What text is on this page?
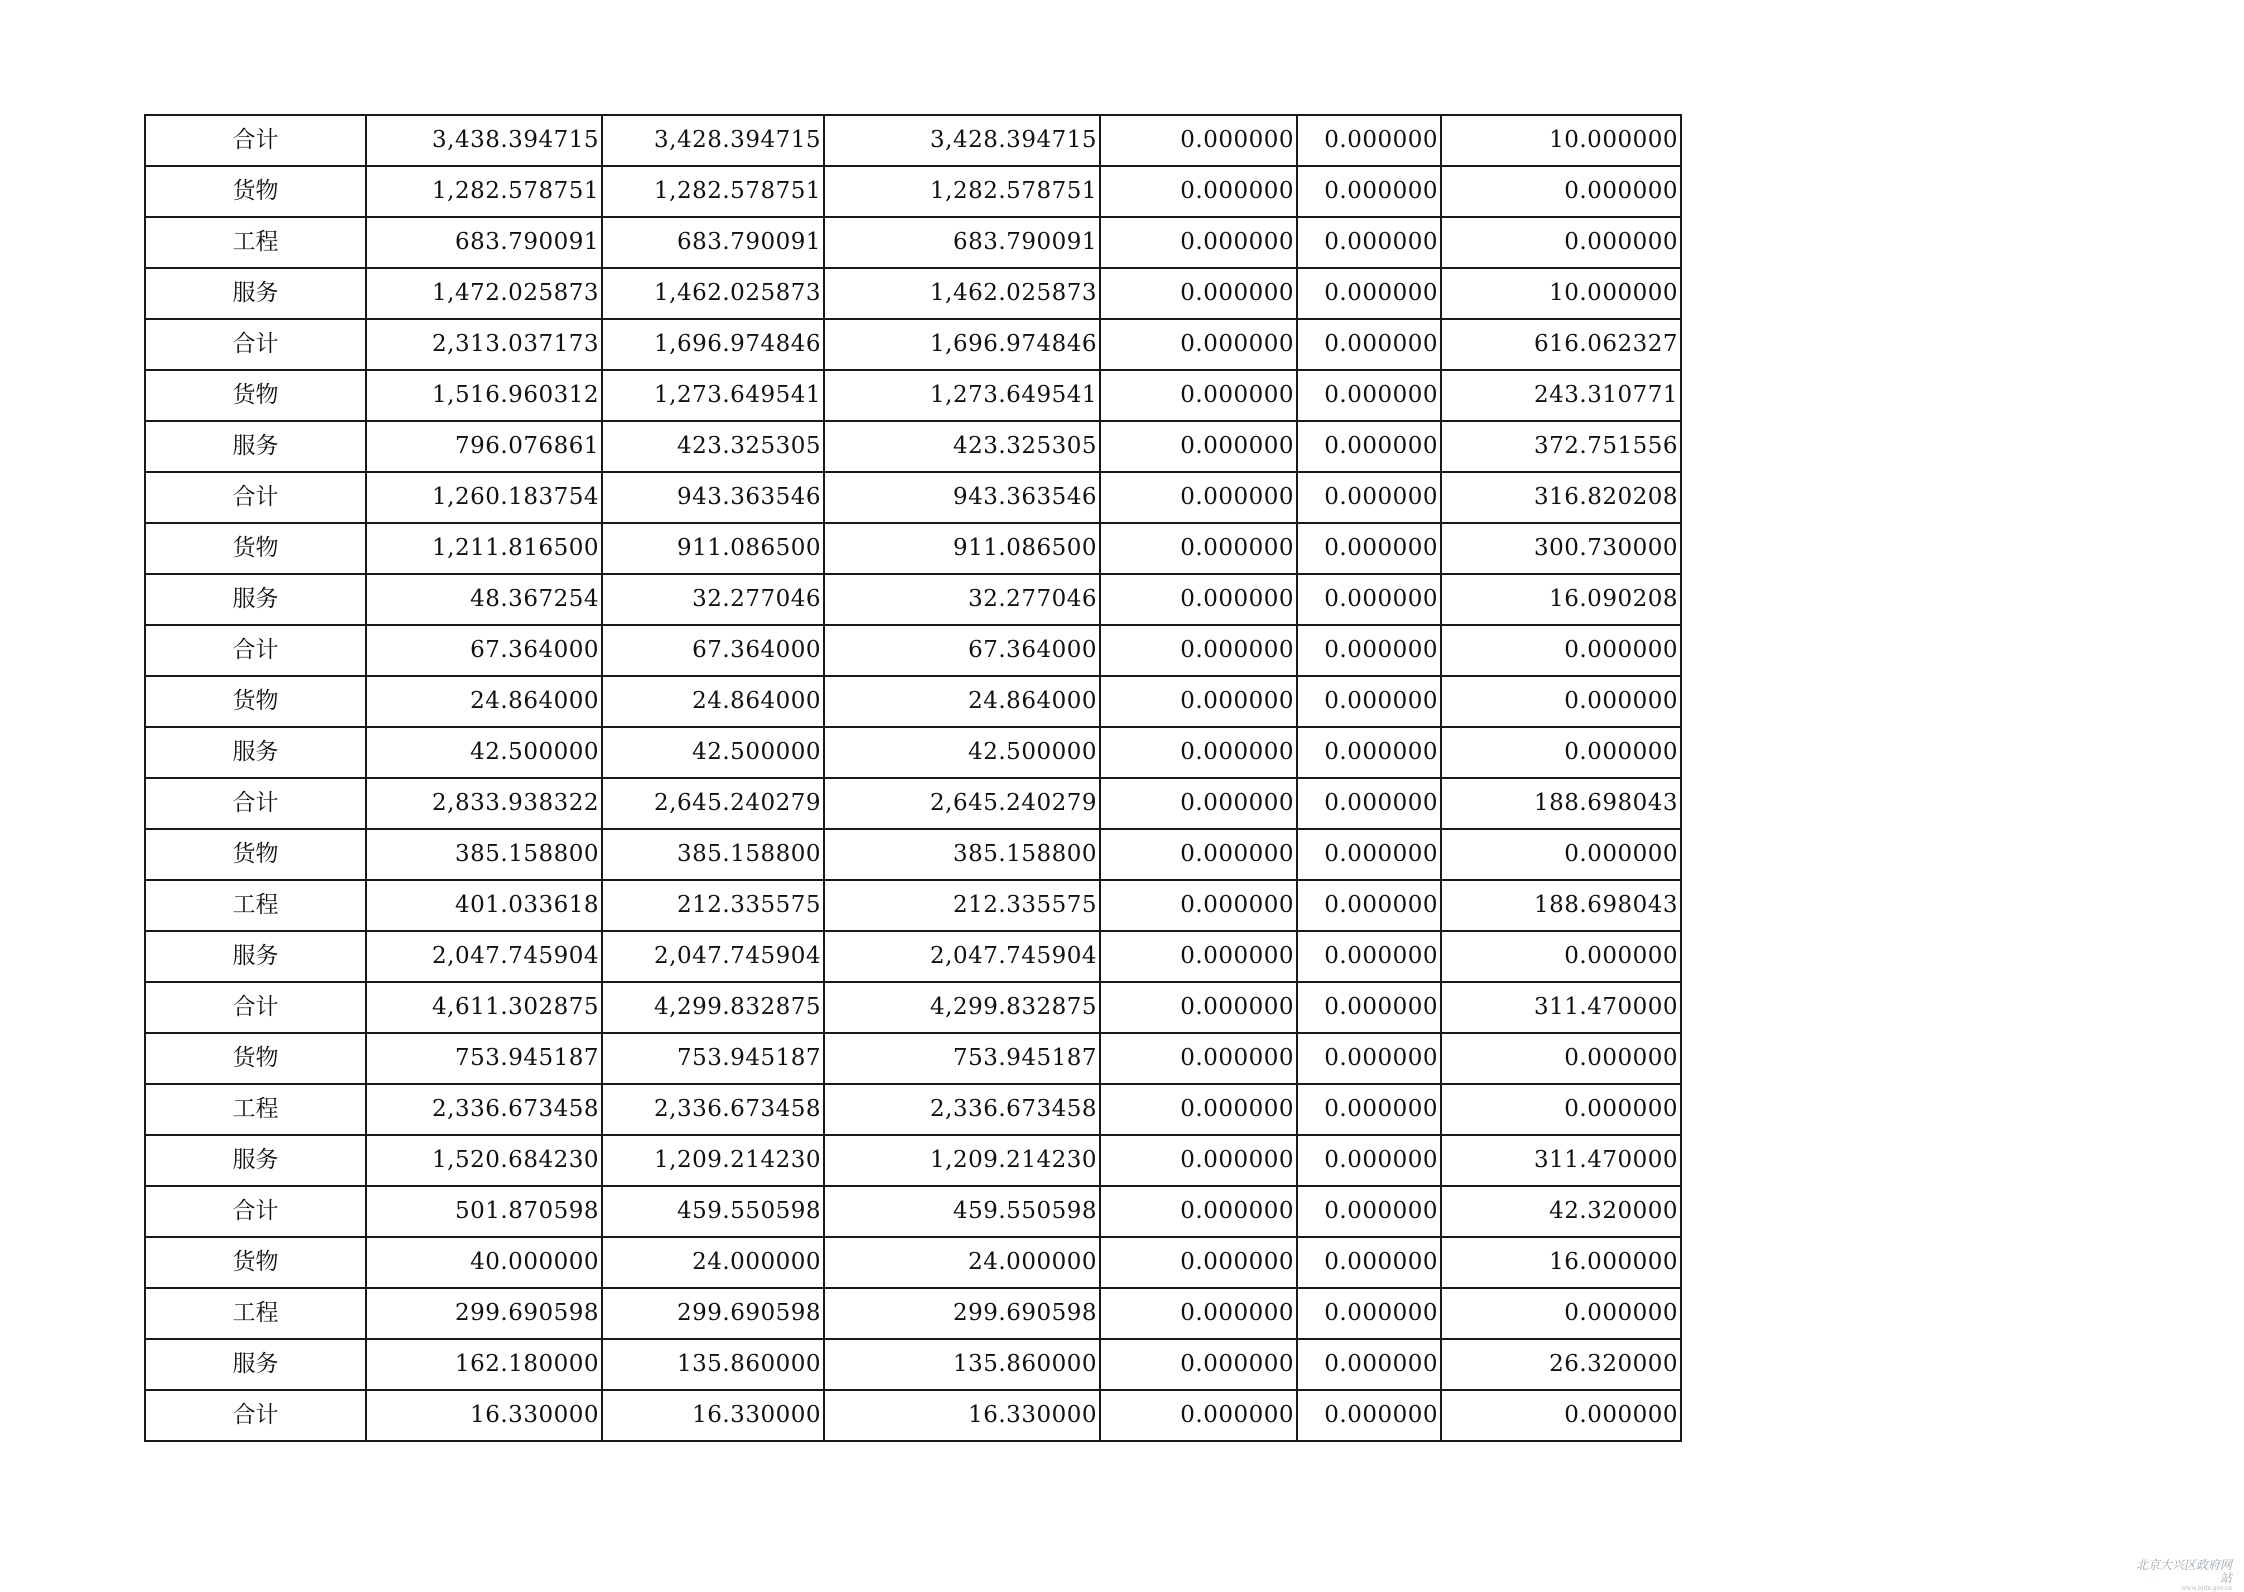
合计	3,438.394715	3,428.394715	3,428.394715	0.000000	0.000000	10.000000
货物	1,282.578751	1,282.578751	1,282.578751	0.000000	0.000000	0.000000
工程	683.790091	683.790091	683.790091	0.000000	0.000000	0.000000
服务	1,472.025873	1,462.025873	1,462.025873	0.000000	0.000000	10.000000
合计	2,313.037173	1,696.974846	1,696.974846	0.000000	0.000000	616.062327
货物	1,516.960312	1,273.649541	1,273.649541	0.000000	0.000000	243.310771
服务	796.076861	423.325305	423.325305	0.000000	0.000000	372.751556
合计	1,260.183754	943.363546	943.363546	0.000000	0.000000	316.820208
货物	1,211.816500	911.086500	911.086500	0.000000	0.000000	300.730000
服务	48.367254	32.277046	32.277046	0.000000	0.000000	16.090208
合计	67.364000	67.364000	67.364000	0.000000	0.000000	0.000000
货物	24.864000	24.864000	24.864000	0.000000	0.000000	0.000000
服务	42.500000	42.500000	42.500000	0.000000	0.000000	0.000000
合计	2,833.938322	2,645.240279	2,645.240279	0.000000	0.000000	188.698043
货物	385.158800	385.158800	385.158800	0.000000	0.000000	0.000000
工程	401.033618	212.335575	212.335575	0.000000	0.000000	188.698043
服务	2,047.745904	2,047.745904	2,047.745904	0.000000	0.000000	0.000000
合计	4,611.302875	4,299.832875	4,299.832875	0.000000	0.000000	311.470000
货物	753.945187	753.945187	753.945187	0.000000	0.000000	0.000000
工程	2,336.673458	2,336.673458	2,336.673458	0.000000	0.000000	0.000000
服务	1,520.684230	1,209.214230	1,209.214230	0.000000	0.000000	311.470000
合计	501.870598	459.550598	459.550598	0.000000	0.000000	42.320000
货物	40.000000	24.000000	24.000000	0.000000	0.000000	16.000000
工程	299.690598	299.690598	299.690598	0.000000	0.000000	0.000000
服务	162.180000	135.860000	135.860000	0.000000	0.000000	26.320000
合计	16.330000	16.330000	16.330000	0.000000	0.000000	0.000000
北京大兴区政府网站
www.bjdx.gov.cn
